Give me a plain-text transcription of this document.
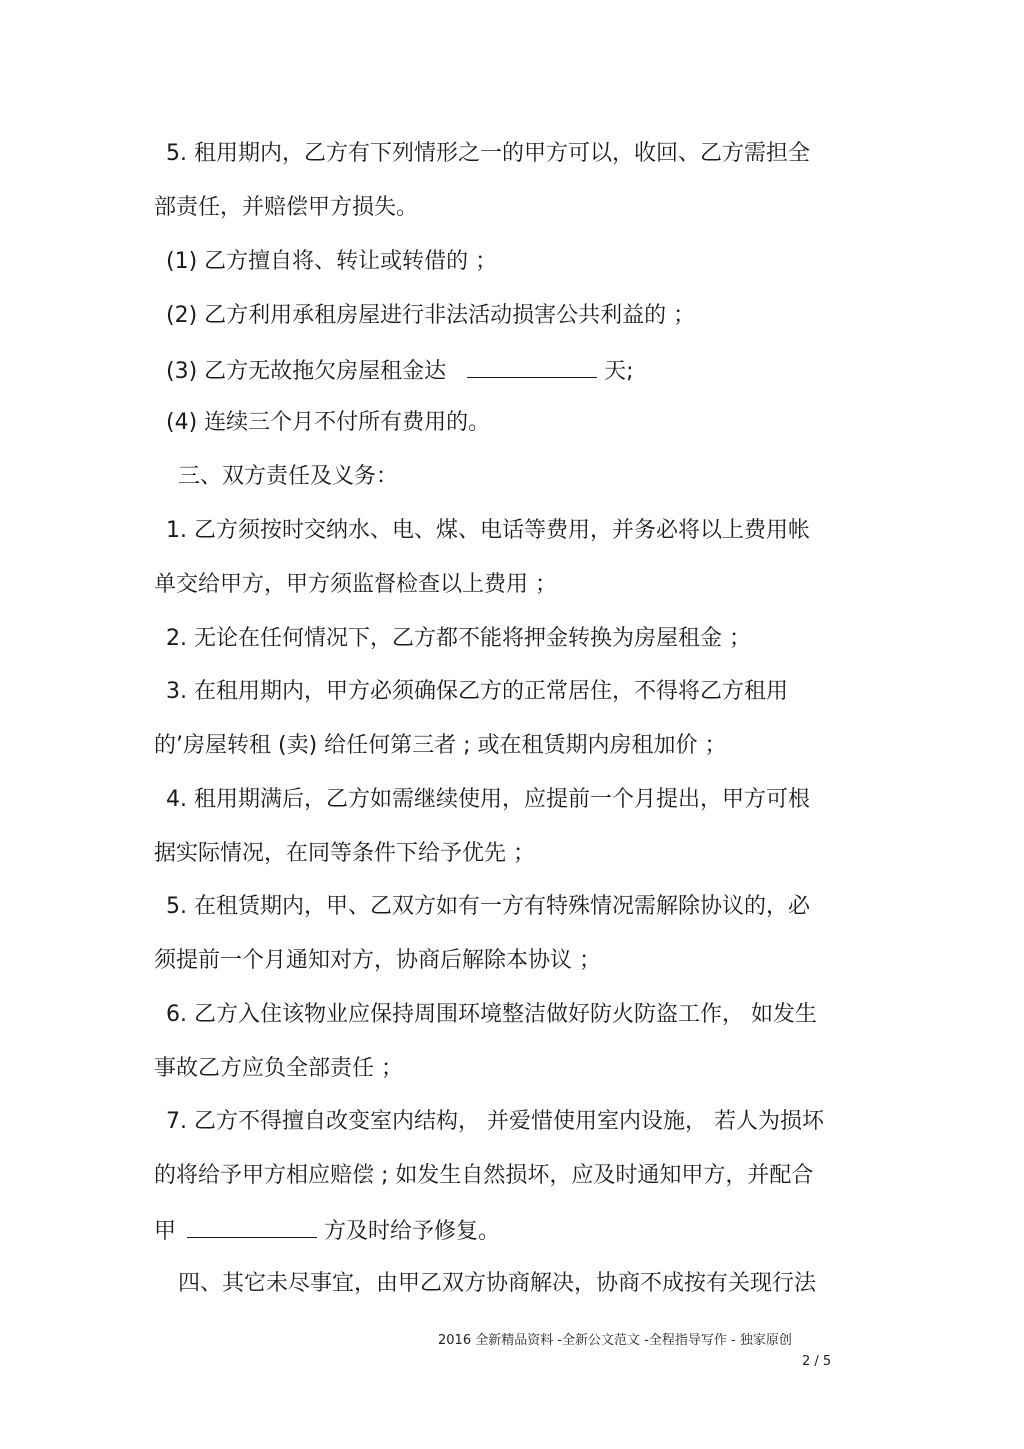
5. 租用期内，乙方有下列情形之一的甲方可以，收回、乙方需担全
部责任，并赔偿甲方损失。
(1) 乙方擅自将、转让或转借的 ；
(2) 乙方利用承租房屋进行非法活动损害公共利益的 ；
(3) 乙方无故拖欠房屋租金达	天;
(4) 连续三个月不付所有费用的。
三、双方责任及义务：
1. 乙方须按时交纳水、电、煤、电话等费用，并务必将以上费用帐
单交给甲方，甲方须监督检查以上费用 ；
2. 无论在任何情况下，乙方都不能将押金转换为房屋租金 ；
3. 在租用期内，甲方必须确保乙方的正常居住，不得将乙方租用
的’房屋转租 (卖) 给任何第三者 ; 或在租赁期内房租加价 ；
4. 租用期满后，乙方如需继续使用，应提前一个月提出，甲方可根
据实际情况，在同等条件下给予优先 ；
5. 在租赁期内，甲、乙双方如有一方有特殊情况需解除协议的，必
须提前一个月通知对方，协商后解除本协议 ；
6. 乙方入住该物业应保持周围环境整洁做好防火防盗工作， 如发生
事故乙方应负全部责任 ；
7. 乙方不得擅自改变室内结构， 并爱惜使用室内设施， 若人为损坏
的将给予甲方相应赔偿 ; 如发生自然损坏，应及时通知甲方，并配合
甲	方及时给予修复。
四、其它未尽事宜，由甲乙双方协商解决，协商不成按有关现行法
2016 全新精品资料 -全新公文范文 -全程指导写作 - 独家原创
2 / 5
